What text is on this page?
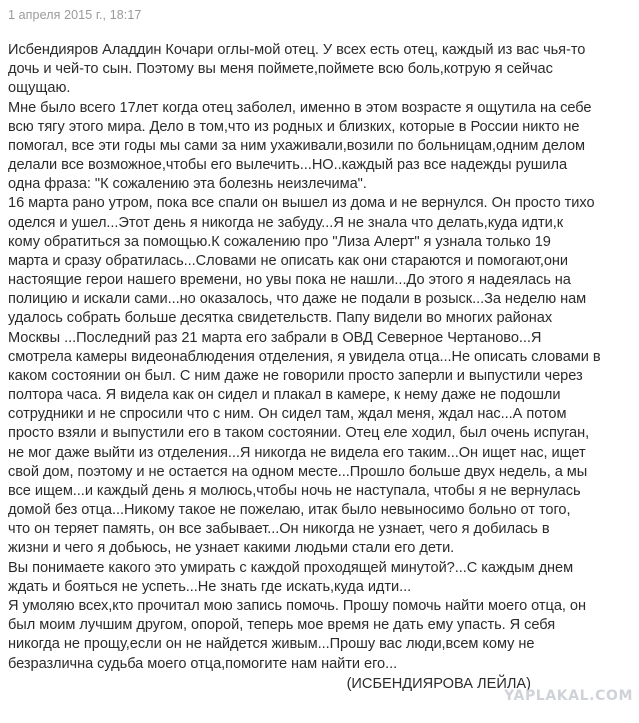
1 апреля 2015 г., 18:17
Исбендияров Аладдин Кочари оглы-мой отец. У всех есть отец, каждый из вас чья-то
дочь и чей-то сын. Поэтому вы меня поймете,поймете всю боль,котрую я сейчас
ощущаю.
Мне было всего 17лет когда отец заболел, именно в этом возрасте я ощутила на себе
всю тягу этого мира. Дело в том,что из родных и близких, которые в России никто не
помогал, все эти годы мы сами за ним ухаживали,возили по больницам,одним делом
делали все возможное,чтобы его вылечить...НО..каждый раз все надежды рушила
одна фраза: "К сожалению эта болезнь неизлечима".
16 марта рано утром, пока все спали он вышел из дома и не вернулся. Он просто тихо
оделся и ушел...Этот день я никогда не забуду...Я не знала что делать,куда идти,к
кому обратиться за помощью.К сожалению про "Лиза Алерт" я узнала только 19
марта и сразу обратилась...Словами не описать как они стараются и помогают,они
настоящие герои нашего времени, но увы пока не нашли...До этого я надеялась на
полицию и искали сами...но оказалось, что даже не подали в розыск...За неделю нам
удалось собрать больше десятка свидетельств. Папу видели во многих районах
Москвы ...Последний раз 21 марта его забрали в ОВД Северное Чертаново...Я
смотрела камеры видеонаблюдения отделения, я увидела отца...Не описать словами в
каком состоянии он был. С ним даже не говорили просто заперли и выпустили через
полтора часа. Я видела как он сидел и плакал в камере, к нему даже не подошли
сотрудники и не спросили что с ним. Он сидел там, ждал меня, ждал нас...А потом
просто взяли и выпустили его в таком состоянии. Отец еле ходил, был очень испуган,
не мог даже выйти из отделения...Я никогда не видела его таким...Он ищет нас, ищет
свой дом, поэтому и не остается на одном месте...Прошло больше двух недель, а мы
все ищем...и каждый день я молюсь,чтобы ночь не наступала, чтобы я не вернулась
домой без отца...Никому такое не пожелаю, итак было невыносимо больно от того,
что он теряет память, он все забывает...Он никогда не узнает, чего я добилась в
жизни и чего я добьюсь, не узнает какими людьми стали его дети.
Вы понимаете какого это умирать с каждой проходящей минутой?...С каждым днем
ждать и бояться не успеть...Не знать где искать,куда идти...
Я умоляю всех,кто прочитал мою запись помочь. Прошу помочь найти моего отца, он
был моим лучшим другом, опорой, теперь мое время не дать ему упасть. Я себя
никогда не прощу,если он не найдется живым...Прошу вас люди,всем кому не
безразлична судьба моего отца,помогите нам найти его...
(ИСБЕНДИЯРОВА ЛЕЙЛА)
YAPLAKAL.COM
